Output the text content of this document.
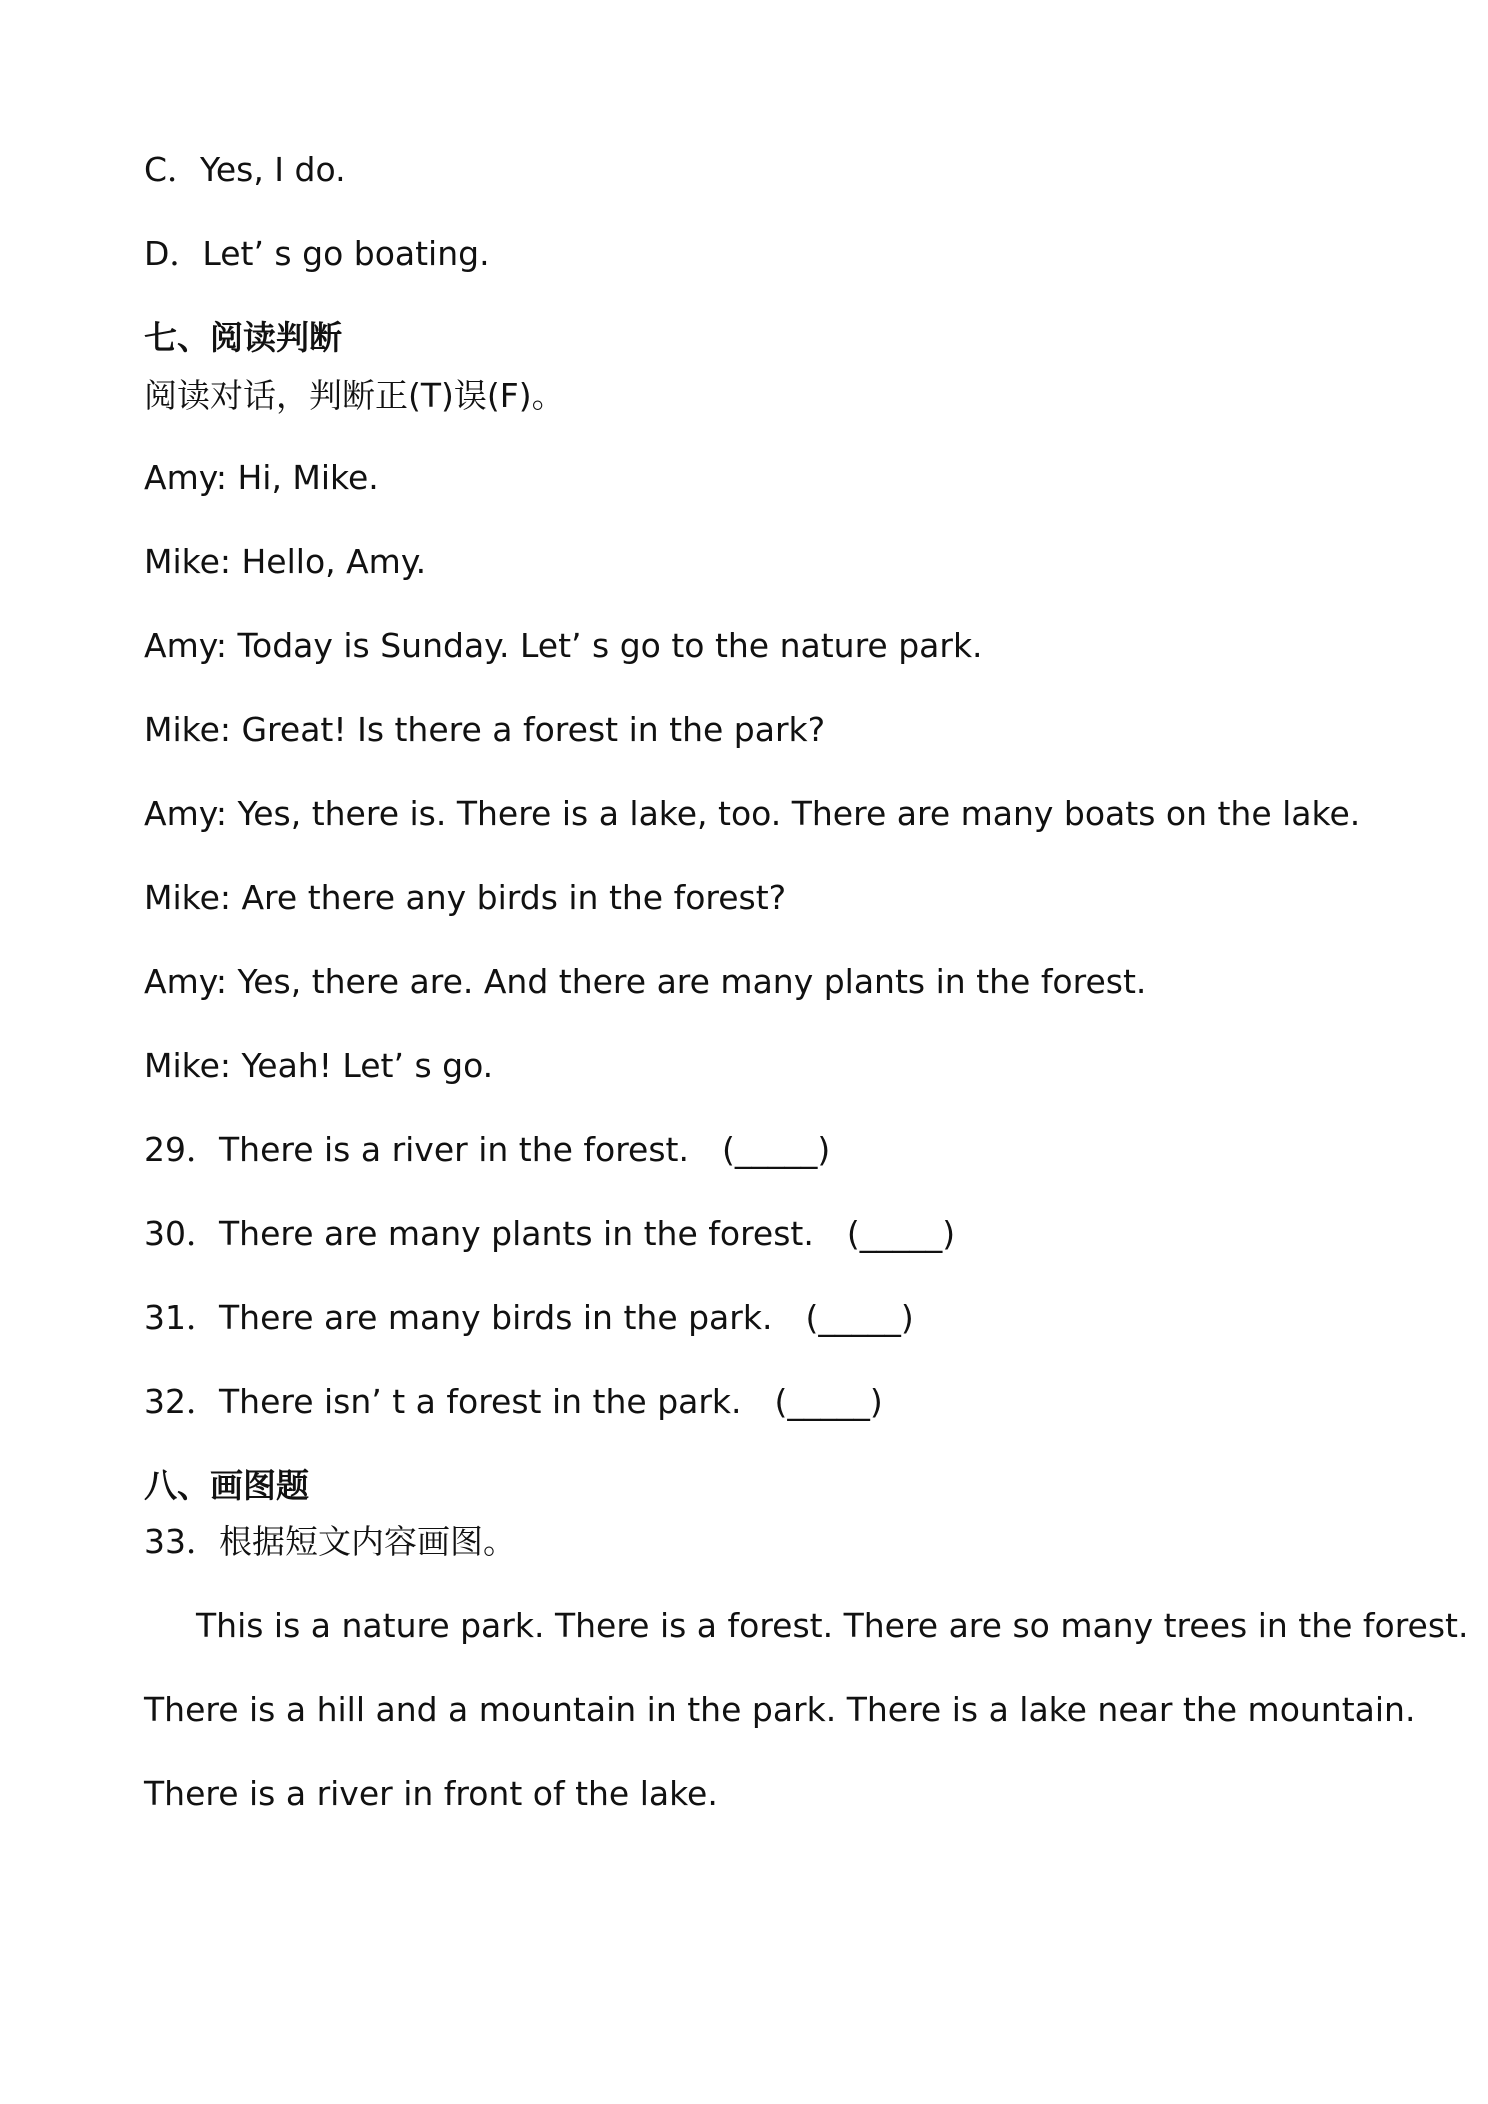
C．Yes, I do.

D．Let’ s go boating.

七、阅读判断

阅读对话，判断正(T)误(F)。

Amy: Hi, Mike.

Mike: Hello, Amy.

Amy: Today is Sunday. Let’ s go to the nature park.

Mike: Great! Is there a forest in the park?

Amy: Yes, there is. There is a lake, too. There are many boats on the lake.

Mike: Are there any birds in the forest?

Amy: Yes, there are. And there are many plants in the forest.

Mike: Yeah! Let’ s go.

29．There is a river in the forest.　(_____)

30．There are many plants in the forest.　(_____)

31．There are many birds in the park.　(_____)

32．There isn’ t a forest in the park.　(_____)

八、画图题

33．根据短文内容画图。

This is a nature park. There is a forest. There are so many trees in the forest.

There is a hill and a mountain in the park. There is a lake near the mountain.

There is a river in front of the lake.
